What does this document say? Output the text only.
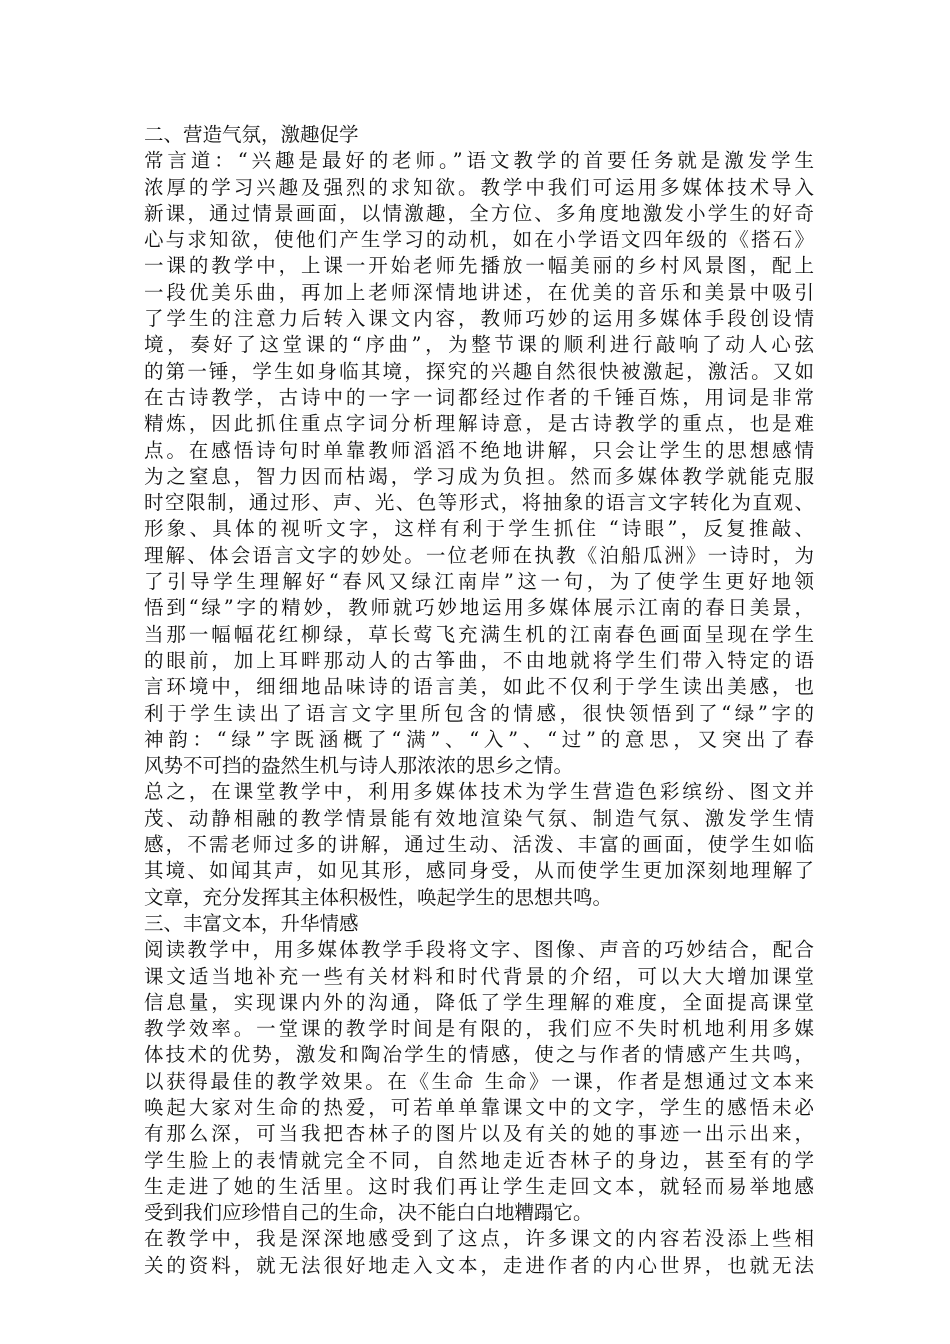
二、营造气氛，激趣促学
常言道：“兴趣是最好的老师。”语文教学的首要任务就是激发学生
浓厚的学习兴趣及强烈的求知欲。教学中我们可运用多媒体技术导入
新课，通过情景画面，以情激趣，全方位、多角度地激发小学生的好奇
心与求知欲，使他们产生学习的动机，如在小学语文四年级的《搭石》
一课的教学中，上课一开始老师先播放一幅美丽的乡村风景图，配上
一段优美乐曲，再加上老师深情地讲述，在优美的音乐和美景中吸引
了学生的注意力后转入课文内容，教师巧妙的运用多媒体手段创设情
境，奏好了这堂课的“序曲”，为整节课的顺利进行敲响了动人心弦
的第一锤，学生如身临其境，探究的兴趣自然很快被激起，激活。又如
在古诗教学，古诗中的一字一词都经过作者的千锤百炼，用词是非常
精炼，因此抓住重点字词分析理解诗意，是古诗教学的重点，也是难
点。在感悟诗句时单靠教师滔滔不绝地讲解，只会让学生的思想感情
为之窒息，智力因而枯竭，学习成为负担。然而多媒体教学就能克服
时空限制，通过形、声、光、色等形式，将抽象的语言文字转化为直观、
形象、具体的视听文字，这样有利于学生抓住 “诗眼”，反复推敲、
理解、体会语言文字的妙处。一位老师在执教《泊船瓜洲》一诗时，为
了引导学生理解好“春风又绿江南岸”这一句，为了使学生更好地领
悟到“绿”字的精妙，教师就巧妙地运用多媒体展示江南的春日美景，
当那一幅幅花红柳绿，草长莺飞充满生机的江南春色画面呈现在学生
的眼前，加上耳畔那动人的古筝曲，不由地就将学生们带入特定的语
言环境中，细细地品味诗的语言美，如此不仅利于学生读出美感，也
利于学生读出了语言文字里所包含的情感，很快领悟到了“绿”字的
神韵：“绿”字既涵概了“满”、“入”、“过”的意思，又突出了春
风势不可挡的盎然生机与诗人那浓浓的思乡之情。
总之，在课堂教学中，利用多媒体技术为学生营造色彩缤纷、图文并
茂、动静相融的教学情景能有效地渲染气氛、制造气氛、激发学生情
感，不需老师过多的讲解，通过生动、活泼、丰富的画面，使学生如临
其境、如闻其声，如见其形，感同身受，从而使学生更加深刻地理解了
文章，充分发挥其主体积极性，唤起学生的思想共鸣。
三、丰富文本，升华情感
阅读教学中，用多媒体教学手段将文字、图像、声音的巧妙结合，配合
课文适当地补充一些有关材料和时代背景的介绍，可以大大增加课堂
信息量，实现课内外的沟通，降低了学生理解的难度，全面提高课堂
教学效率。一堂课的教学时间是有限的，我们应不失时机地利用多媒
体技术的优势，激发和陶冶学生的情感，使之与作者的情感产生共鸣，
以获得最佳的教学效果。在《生命 生命》一课，作者是想通过文本来
唤起大家对生命的热爱，可若单单靠课文中的文字，学生的感悟未必
有那么深，可当我把杏林子的图片以及有关的她的事迹一出示出来，
学生脸上的表情就完全不同，自然地走近杏林子的身边，甚至有的学
生走进了她的生活里。这时我们再让学生走回文本，就轻而易举地感
受到我们应珍惜自己的生命，决不能白白地糟蹋它。
在教学中，我是深深地感受到了这点，许多课文的内容若没添上些相
关的资料，就无法很好地走入文本，走进作者的内心世界，也就无法
